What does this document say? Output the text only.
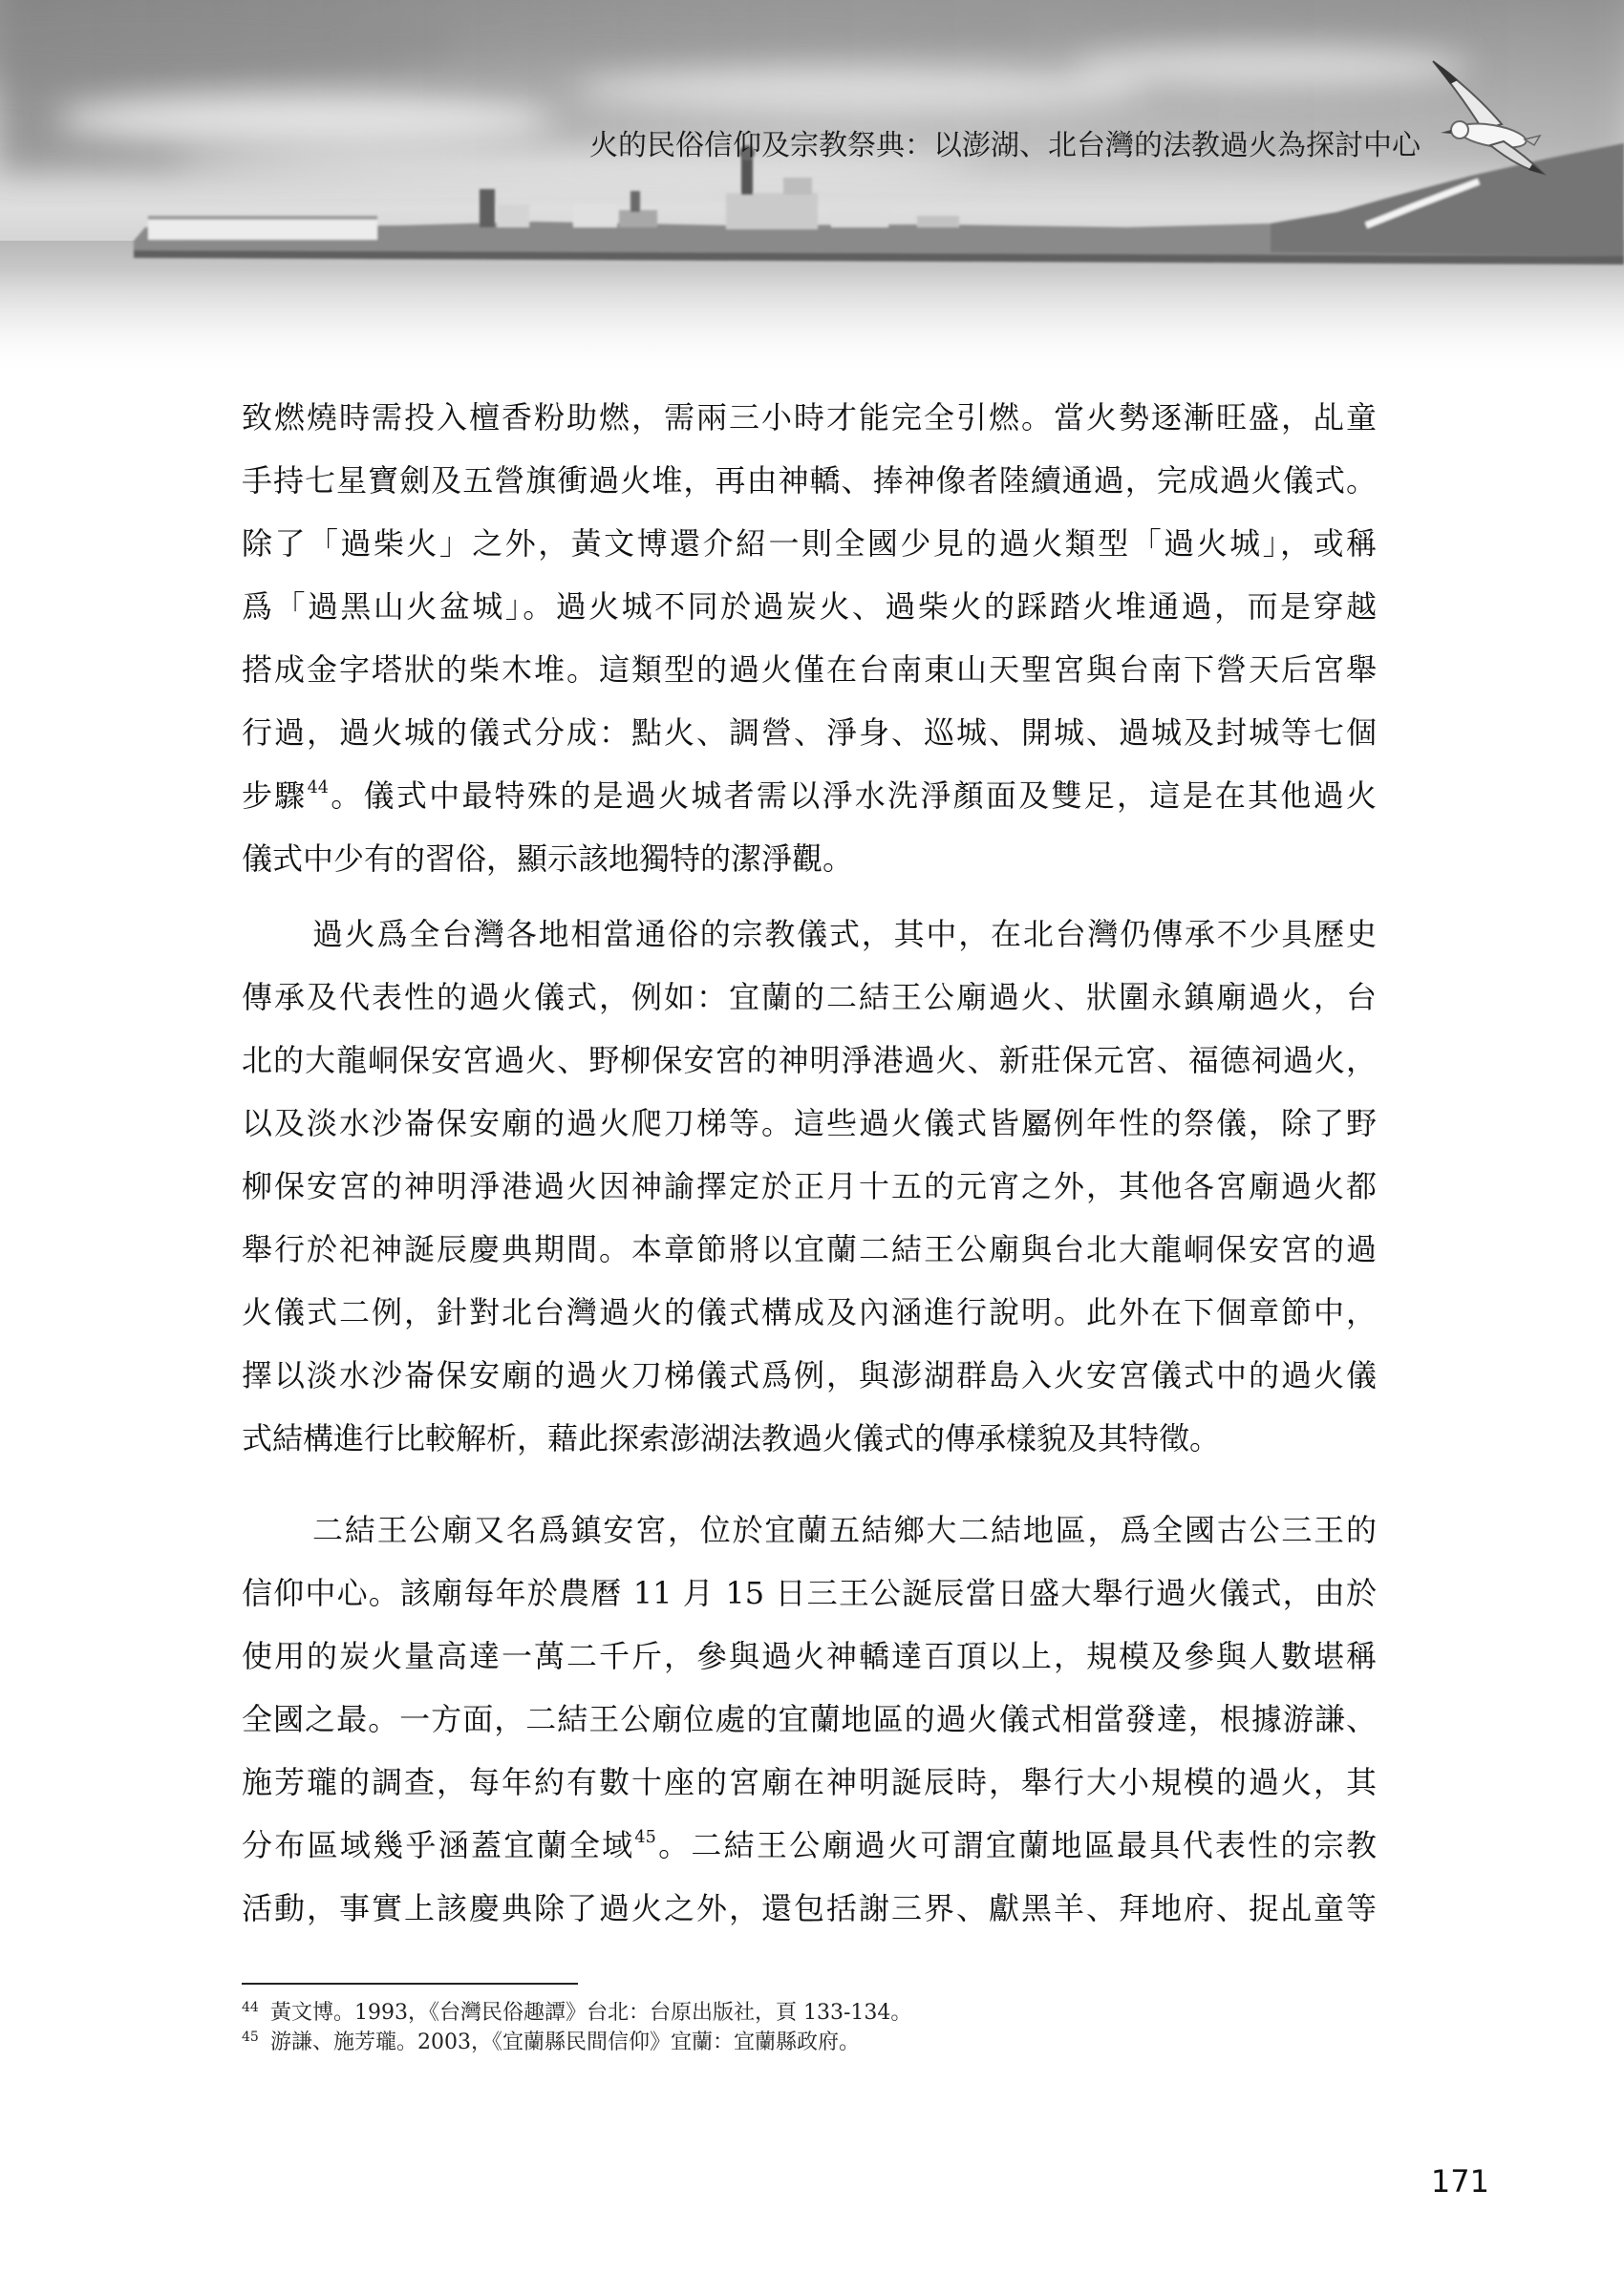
火的民俗信仰及宗教祭典：以澎湖、北台灣的法教過火為探討中心
致燃燒時需投入檀香粉助燃，需兩三小時才能完全引燃。當火勢逐漸旺盛，乩童
手持七星寶劍及五營旗衝過火堆，再由神轎、捧神像者陸續通過，完成過火儀式。
除了「過柴火」之外，黃文博還介紹一則全國少見的過火類型「過火城」，或稱
爲「過黑山火盆城」。過火城不同於過炭火、過柴火的踩踏火堆通過，而是穿越
搭成金字塔狀的柴木堆。這類型的過火僅在台南東山天聖宮與台南下營天后宮舉
行過，過火城的儀式分成：點火、調營、淨身、巡城、開城、過城及封城等七個
步驟$^{44}$。儀式中最特殊的是過火城者需以淨水洗淨顏面及雙足，這是在其他過火
儀式中少有的習俗，顯示該地獨特的潔淨觀。
過火爲全台灣各地相當通俗的宗教儀式，其中，在北台灣仍傳承不少具歷史
傳承及代表性的過火儀式，例如：宜蘭的二結王公廟過火、狀圍永鎮廟過火，台
北的大龍峒保安宮過火、野柳保安宮的神明淨港過火、新莊保元宮、福德祠過火，
以及淡水沙崙保安廟的過火爬刀梯等。這些過火儀式皆屬例年性的祭儀，除了野
柳保安宮的神明淨港過火因神諭擇定於正月十五的元宵之外，其他各宮廟過火都
舉行於祀神誕辰慶典期間。本章節將以宜蘭二結王公廟與台北大龍峒保安宮的過
火儀式二例，針對北台灣過火的儀式構成及內涵進行說明。此外在下個章節中，
擇以淡水沙崙保安廟的過火刀梯儀式爲例，與澎湖群島入火安宮儀式中的過火儀
式結構進行比較解析，藉此探索澎湖法教過火儀式的傳承樣貌及其特徵。
二結王公廟又名爲鎮安宮，位於宜蘭五結鄉大二結地區，爲全國古公三王的
信仰中心。該廟每年於農曆 11 月 15 日三王公誕辰當日盛大舉行過火儀式，由於
使用的炭火量高達一萬二千斤，參與過火神轎達百頂以上，規模及參與人數堪稱
全國之最。一方面，二結王公廟位處的宜蘭地區的過火儀式相當發達，根據游謙、
施芳瓏的調查，每年約有數十座的宮廟在神明誕辰時，舉行大小規模的過火，其
分布區域幾乎涵蓋宜蘭全域$^{45}$。二結王公廟過火可謂宜蘭地區最具代表性的宗教
活動，事實上該慶典除了過火之外，還包括謝三界、獻黑羊、拜地府、捉乩童等
44 黃文博。1993，《台灣民俗趣譚》台北：台原出版社，頁 133-134。
45 游謙、施芳瓏。2003，《宜蘭縣民間信仰》宜蘭：宜蘭縣政府。
171
